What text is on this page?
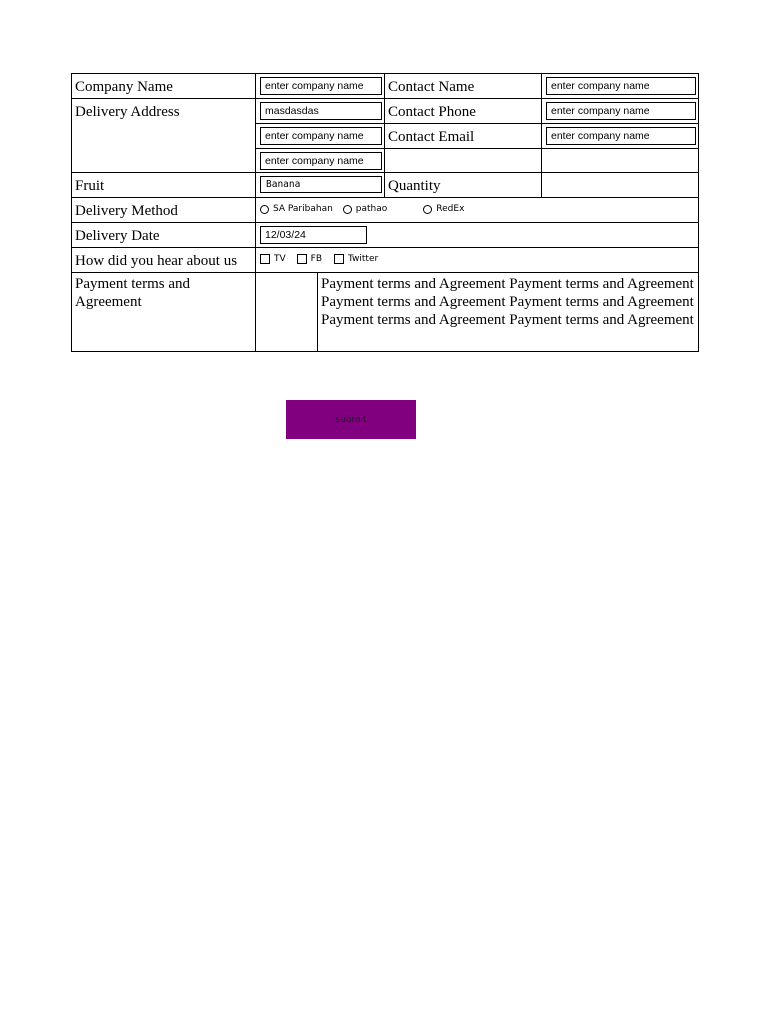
Company Name	enter company name		Contact Name	enter company name
Delivery Address	masdasdas		Contact Phone	enter company name
enter company name	Contact Email	enter company name
enter company name		
Fruit	Banana		Quantity	
Delivery Method	SA Paribahan pathao RedEx			

Delivery Date	12/03/24
How did you hear about us	TV FB Twitter			

Payment terms and Agreement		Payment terms and Agreement Payment terms and Agreement Payment terms and Agreement Payment terms and Agreement Payment terms and Agreement Payment terms and Agreement		
submit
